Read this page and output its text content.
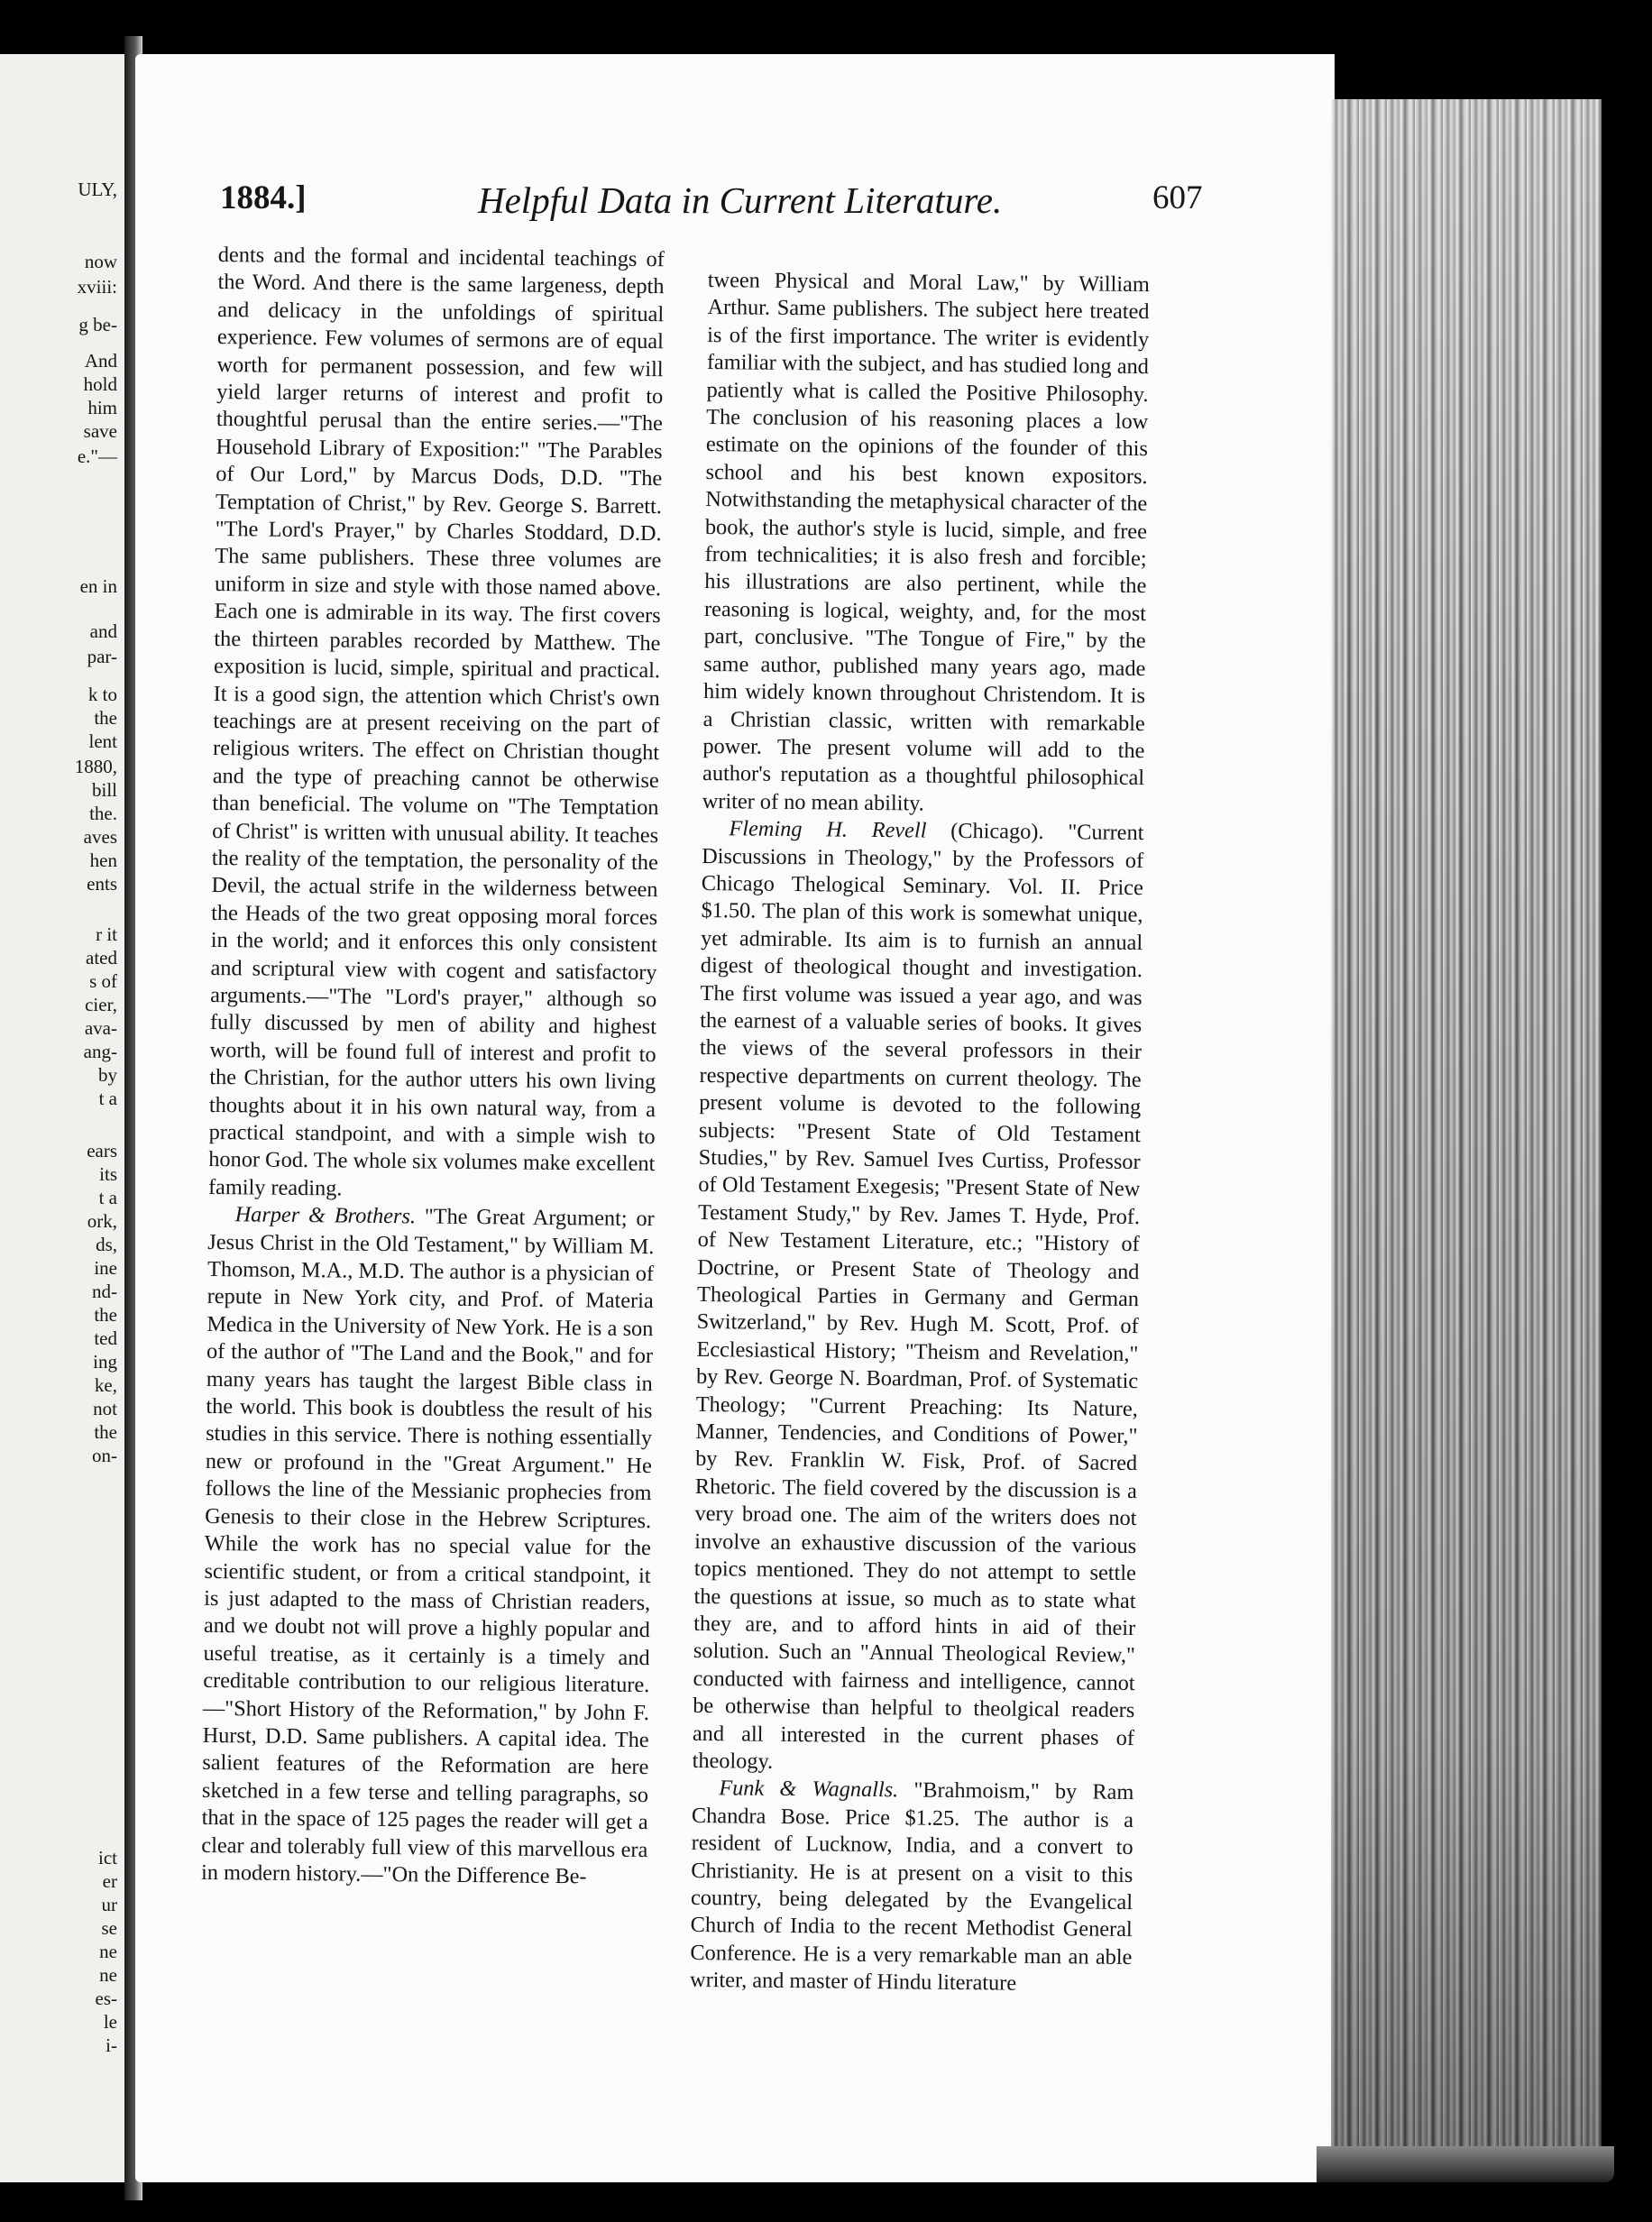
ULY,
now
xviii:
g be-
And
hold
him
save
e."—
en in
and
par-
k to
the
lent
1880,
bill
the.
aves
hen
ents
r it
ated
s of
cier,
ava-
ang-
by
t a
ears
its
t a
ork,
ds,
ine
nd-
the
ted
ing
ke,
not
the
on-
ict
er
ur
se
ne
ne
es-
le
i-
1884.]	Helpful Data in Current Literature.	607

dents and the formal and incidental teachings of the Word. And there is the same largeness, depth and delicacy in the unfoldings of spiritual experience. Few volumes of sermons are of equal worth for permanent possession, and few will yield larger returns of interest and profit to thoughtful perusal than the entire series.—"The Household Library of Exposition:" "The Parables of Our Lord," by Marcus Dods, D.D. "The Temptation of Christ," by Rev. George S. Barrett. "The Lord's Prayer," by Charles Stoddard, D.D. The same publishers. These three volumes are uniform in size and style with those named above. Each one is admirable in its way. The first covers the thirteen parables recorded by Matthew. The exposition is lucid, simple, spiritual and practical. It is a good sign, the attention which Christ's own teachings are at present receiving on the part of religious writers. The effect on Christian thought and the type of preaching cannot be otherwise than beneficial. The volume on "The Temptation of Christ" is written with unusual ability. It teaches the reality of the temptation, the personality of the Devil, the actual strife in the wilderness between the Heads of the two great opposing moral forces in the world; and it enforces this only consistent and scriptural view with cogent and satisfactory arguments.—"The "Lord's prayer," although so fully discussed by men of ability and highest worth, will be found full of interest and profit to the Christian, for the author utters his own living thoughts about it in his own natural way, from a practical standpoint, and with a simple wish to honor God. The whole six volumes make excellent family reading.

Harper & Brothers. "The Great Argument; or Jesus Christ in the Old Testament," by William M. Thomson, M.A., M.D. The author is a physician of repute in New York city, and Prof. of Materia Medica in the University of New York. He is a son of the author of "The Land and the Book," and for many years has taught the largest Bible class in the world. This book is doubtless the result of his studies in this service. There is nothing essentially new or profound in the "Great Argument." He follows the line of the Messianic prophecies from Genesis to their close in the Hebrew Scriptures. While the work has no special value for the scientific student, or from a critical standpoint, it is just adapted to the mass of Christian readers, and we doubt not will prove a highly popular and useful treatise, as it certainly is a timely and creditable contribution to our religious literature.—"Short History of the Reformation," by John F. Hurst, D.D. Same publishers. A capital idea. The salient features of the Reformation are here sketched in a few terse and telling paragraphs, so that in the space of 125 pages the reader will get a clear and tolerably full view of this marvellous era in modern history.—"On the Difference Be-

tween Physical and Moral Law," by William Arthur. Same publishers. The subject here treated is of the first importance. The writer is evidently familiar with the subject, and has studied long and patiently what is called the Positive Philosophy. The conclusion of his reasoning places a low estimate on the opinions of the founder of this school and his best known expositors. Notwithstanding the metaphysical character of the book, the author's style is lucid, simple, and free from technicalities; it is also fresh and forcible; his illustrations are also pertinent, while the reasoning is logical, weighty, and, for the most part, conclusive. "The Tongue of Fire," by the same author, published many years ago, made him widely known throughout Christendom. It is a Christian classic, written with remarkable power. The present volume will add to the author's reputation as a thoughtful philosophical writer of no mean ability.

Fleming H. Revell (Chicago). "Current Discussions in Theology," by the Professors of Chicago Thelogical Seminary. Vol. II. Price $1.50. The plan of this work is somewhat unique, yet admirable. Its aim is to furnish an annual digest of theological thought and investigation. The first volume was issued a year ago, and was the earnest of a valuable series of books. It gives the views of the several professors in their respective departments on current theology. The present volume is devoted to the following subjects: "Present State of Old Testament Studies," by Rev. Samuel Ives Curtiss, Professor of Old Testament Exegesis; "Present State of New Testament Study," by Rev. James T. Hyde, Prof. of New Testament Literature, etc.; "History of Doctrine, or Present State of Theology and Theological Parties in Germany and German Switzerland," by Rev. Hugh M. Scott, Prof. of Ecclesiastical History; "Theism and Revelation," by Rev. George N. Boardman, Prof. of Systematic Theology; "Current Preaching: Its Nature, Manner, Tendencies, and Conditions of Power," by Rev. Franklin W. Fisk, Prof. of Sacred Rhetoric. The field covered by the discussion is a very broad one. The aim of the writers does not involve an exhaustive discussion of the various topics mentioned. They do not attempt to settle the questions at issue, so much as to state what they are, and to afford hints in aid of their solution. Such an "Annual Theological Review," conducted with fairness and intelligence, cannot be otherwise than helpful to theolgical readers and all interested in the current phases of theology.

Funk & Wagnalls. "Brahmoism," by Ram Chandra Bose. Price $1.25. The author is a resident of Lucknow, India, and a convert to Christianity. He is at present on a visit to this country, being delegated by the Evangelical Church of India to the recent Methodist General Conference. He is a very remarkable man an able writer, and master of Hindu literature
